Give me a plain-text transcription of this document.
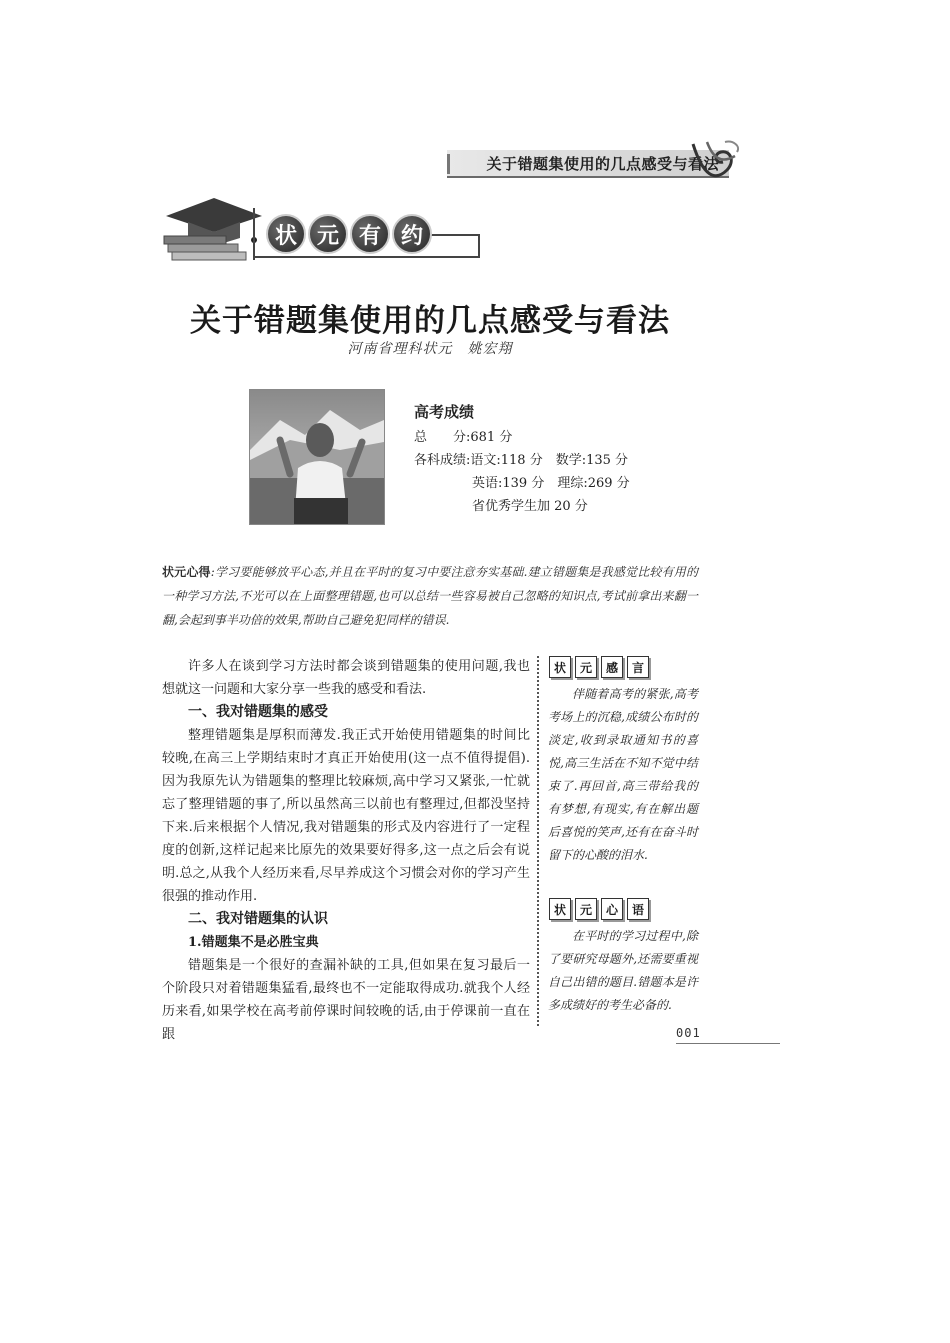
关于错题集使用的几点感受与看法
状 元 有 约
关于错题集使用的几点感受与看法
河南省理科状元　姚宏翔
高考成绩
总　　分:681 分
各科成绩:语文:118 分　数学:135 分
英语:139 分　理综:269 分
省优秀学生加 20 分
状元心得:学习要能够放平心态,并且在平时的复习中要注意夯实基础.建立错题集是我感觉比较有用的一种学习方法,不光可以在上面整理错题,也可以总结一些容易被自己忽略的知识点,考试前拿出来翻一翻,会起到事半功倍的效果,帮助自己避免犯同样的错误.

许多人在谈到学习方法时都会谈到错题集的使用问题,我也想就这一问题和大家分享一些我的感受和看法.

一、我对错题集的感受

整理错题集是厚积而薄发.我正式开始使用错题集的时间比较晚,在高三上学期结束时才真正开始使用(这一点不值得提倡).因为我原先认为错题集的整理比较麻烦,高中学习又紧张,一忙就忘了整理错题的事了,所以虽然高三以前也有整理过,但都没坚持下来.后来根据个人情况,我对错题集的形式及内容进行了一定程度的创新,这样记起来比原先的效果要好得多,这一点之后会有说明.总之,从我个人经历来看,尽早养成这个习惯会对你的学习产生很强的推动作用.

二、我对错题集的认识
1.错题集不是必胜宝典

错题集是一个很好的查漏补缺的工具,但如果在复习最后一个阶段只对着错题集猛看,最终也不一定能取得成功.就我个人经历来看,如果学校在高考前停课时间较晚的话,由于停课前一直在跟

状	元	感	言
伴随着高考的紧张,高考考场上的沉稳,成绩公布时的淡定,收到录取通知书的喜悦,高三生活在不知不觉中结束了.再回首,高三带给我的有梦想,有现实,有在解出题后喜悦的笑声,还有在奋斗时留下的心酸的泪水.
状	元	心	语
在平时的学习过程中,除了要研究母题外,还需要重视自己出错的题目.错题本是许多成绩好的考生必备的.
001
